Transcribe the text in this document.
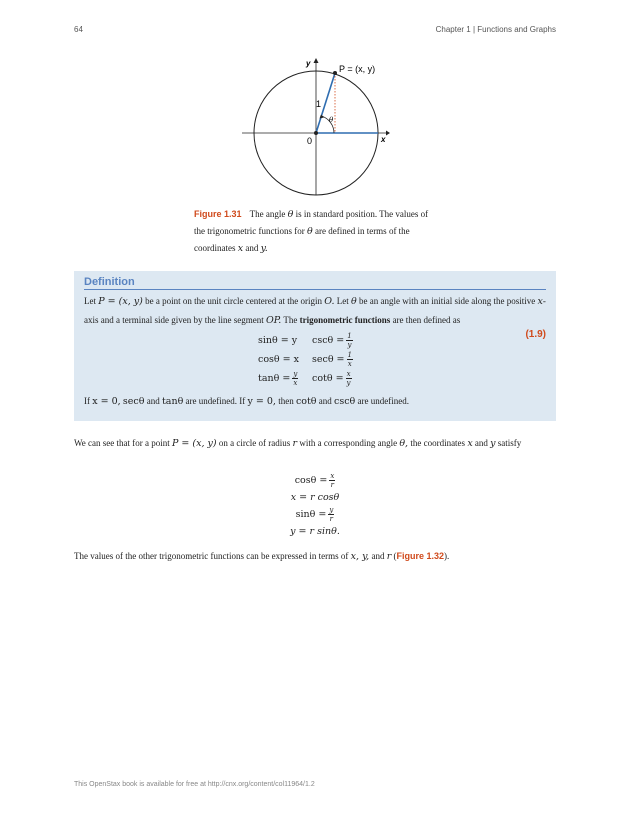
64	Chapter 1 | Functions and Graphs
y
x
P = (x, y)
1
θ
0
Figure 1.31 The angle θ is in standard position. The values of the trigonometric functions for θ are defined in terms of the coordinates x and y.
Definition
Let P = (x, y) be a point on the unit circle centered at the origin O. Let θ be an angle with an initial side along the positive x-axis and a terminal side given by the line segment OP. The trigonometric functions are then defined as
(1.9)
sinθ = y	$\csc\theta = \frac{1}{y}$
cosθ = x	$\sec\theta = \frac{1}{x}$
$\tan\theta = \frac{y}{x}$ $\cot\theta = \frac{x}{y}$
If x = 0, secθ and tanθ are undefined. If y = 0, then cotθ and cscθ are undefined.
We can see that for a point P = (x, y) on a circle of radius r with a corresponding angle θ, the coordinates x and y satisfy
$\cos\theta = \frac{x}{r}$
x = r cosθ
$\sin\theta = \frac{y}{r}$
y = r sinθ.
The values of the other trigonometric functions can be expressed in terms of x, y, and r (Figure 1.32).
This OpenStax book is available for free at http://cnx.org/content/col11964/1.2
